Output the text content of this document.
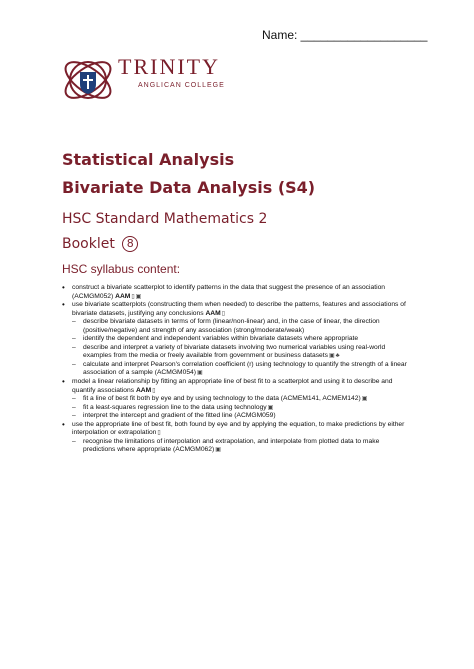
Name: ___________________
TRINITY
ANGLICAN COLLEGE
Statistical Analysis
Bivariate Data Analysis (S4)
HSC Standard Mathematics 2
Booklet 8
HSC syllabus content:
• construct a bivariate scatterplot to identify patterns in the data that suggest the presence of an association (ACMGM052) AAM▯▣
• use bivariate scatterplots (constructing them when needed) to describe the patterns, features and associations of bivariate datasets, justifying any conclusions AAM▯
– describe bivariate datasets in terms of form (linear/non-linear) and, in the case of linear, the direction (positive/negative) and strength of any association (strong/moderate/weak)
– identify the dependent and independent variables within bivariate datasets where appropriate
– describe and interpret a variety of bivariate datasets involving two numerical variables using real-world examples from the media or freely available from government or business datasets▣♣
– calculate and interpret Pearson's correlation coefficient (r) using technology to quantify the strength of a linear association of a sample (ACMGM054)▣
• model a linear relationship by fitting an appropriate line of best fit to a scatterplot and using it to describe and quantify associations AAM▯
– fit a line of best fit both by eye and by using technology to the data (ACMEM141, ACMEM142)▣
– fit a least-squares regression line to the data using technology▣
– interpret the intercept and gradient of the fitted line (ACMGM059)
• use the appropriate line of best fit, both found by eye and by applying the equation, to make predictions by either interpolation or extrapolation▯
– recognise the limitations of interpolation and extrapolation, and interpolate from plotted data to make predictions where appropriate (ACMGM062)▣
